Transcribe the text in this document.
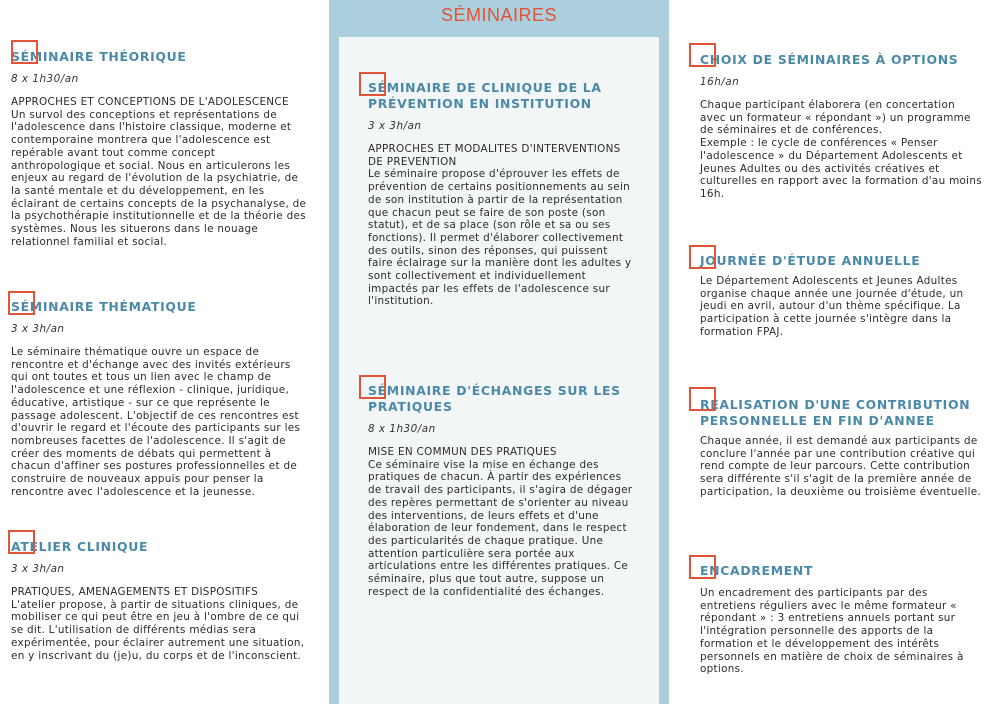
SÉMINAIRE THÉORIQUE
8 x 1h30/an
APPROCHES ET CONCEPTIONS DE L'ADOLESCENCE
Un survol des conceptions et représentations de l'adolescence dans l'histoire classique, moderne et contemporaine montrera que l'adolescence est repérable avant tout comme concept anthropologique et social. Nous en articulerons les enjeux au regard de l'évolution de la psychiatrie, de la santé mentale et du développement, en les éclairant de certains concepts de la psychanalyse, de la psychothérapie institutionnelle et de la théorie des systèmes. Nous les situerons dans le nouage relationnel familial et social.
SÉMINAIRE THÉMATIQUE
3 x 3h/an
Le séminaire thématique ouvre un espace de rencontre et d'échange avec des invités extérieurs qui ont toutes et tous un lien avec le champ de l'adolescence et une réflexion - clinique, juridique, éducative, artistique - sur ce que représente le passage adolescent. L'objectif de ces rencontres est d'ouvrir le regard et l'écoute des participants sur les nombreuses facettes de l'adolescence. Il s'agit de créer des moments de débats qui permettent à chacun d'affiner ses postures professionnelles et de construire de nouveaux appuis pour penser la rencontre avec l'adolescence et la jeunesse.
ATELIER CLINIQUE
3 x 3h/an
PRATIQUES, AMENAGEMENTS ET DISPOSITIFS
L'atelier propose, à partir de situations cliniques, de mobiliser ce qui peut être en jeu à l'ombre de ce qui se dit. L'utilisation de différents médias sera expérimentée, pour éclairer autrement une situation, en y inscrivant du (je)u, du corps et de l'inconscient.
SÉMINAIRES
SÉMINAIRE DE CLINIQUE DE LA PRÉVENTION EN INSTITUTION
3 x 3h/an
APPROCHES ET MODALITES D'INTERVENTIONS DE PREVENTION
Le séminaire propose d'éprouver les effets de prévention de certains positionnements au sein de son institution à partir de la représentation que chacun peut se faire de son poste (son statut), et de sa place (son rôle et sa ou ses fonctions). Il permet d'élaborer collectivement des outils, sinon des réponses, qui puissent faire éclairage sur la manière dont les adultes y sont collectivement et individuellement impactés par les effets de l'adolescence sur l'institution.
SÉMINAIRE D'ÉCHANGES SUR LES PRATIQUES
8 x 1h30/an
MISE EN COMMUN DES PRATIQUES
Ce séminaire vise la mise en échange des pratiques de chacun. À partir des expériences de travail des participants, il s'agira de dégager des repères permettant de s'orienter au niveau des interventions, de leurs effets et d'une élaboration de leur fondement, dans le respect des particularités de chaque pratique. Une attention particulière sera portée aux articulations entre les différentes pratiques. Ce séminaire, plus que tout autre, suppose un respect de la confidentialité des échanges.
CHOIX DE SÉMINAIRES À OPTIONS
16h/an
Chaque participant élaborera (en concertation avec un formateur « répondant ») un programme de séminaires et de conférences.
Exemple : le cycle de conférences « Penser l'adolescence » du Département Adolescents et Jeunes Adultes ou des activités créatives et culturelles en rapport avec la formation d'au moins 16h.
JOURNÉE D'ÉTUDE ANNUELLE
Le Département Adolescents et Jeunes Adultes organise chaque année une journée d'étude, un jeudi en avril, autour d'un thème spécifique. La participation à cette journée s'intègre dans la formation FPAJ.
RÉALISATION D'UNE CONTRIBUTION PERSONNELLE EN FIN D'ANNEE
Chaque année, il est demandé aux participants de conclure l'année par une contribution créative qui rend compte de leur parcours. Cette contribution sera différente s'il s'agit de la première année de participation, la deuxième ou troisième éventuelle.
ENCADREMENT
Un encadrement des participants par des entretiens réguliers avec le même formateur « répondant » : 3 entretiens annuels portant sur l'intégration personnelle des apports de la formation et le développement des intérêts personnels en matière de choix de séminaires à options.
